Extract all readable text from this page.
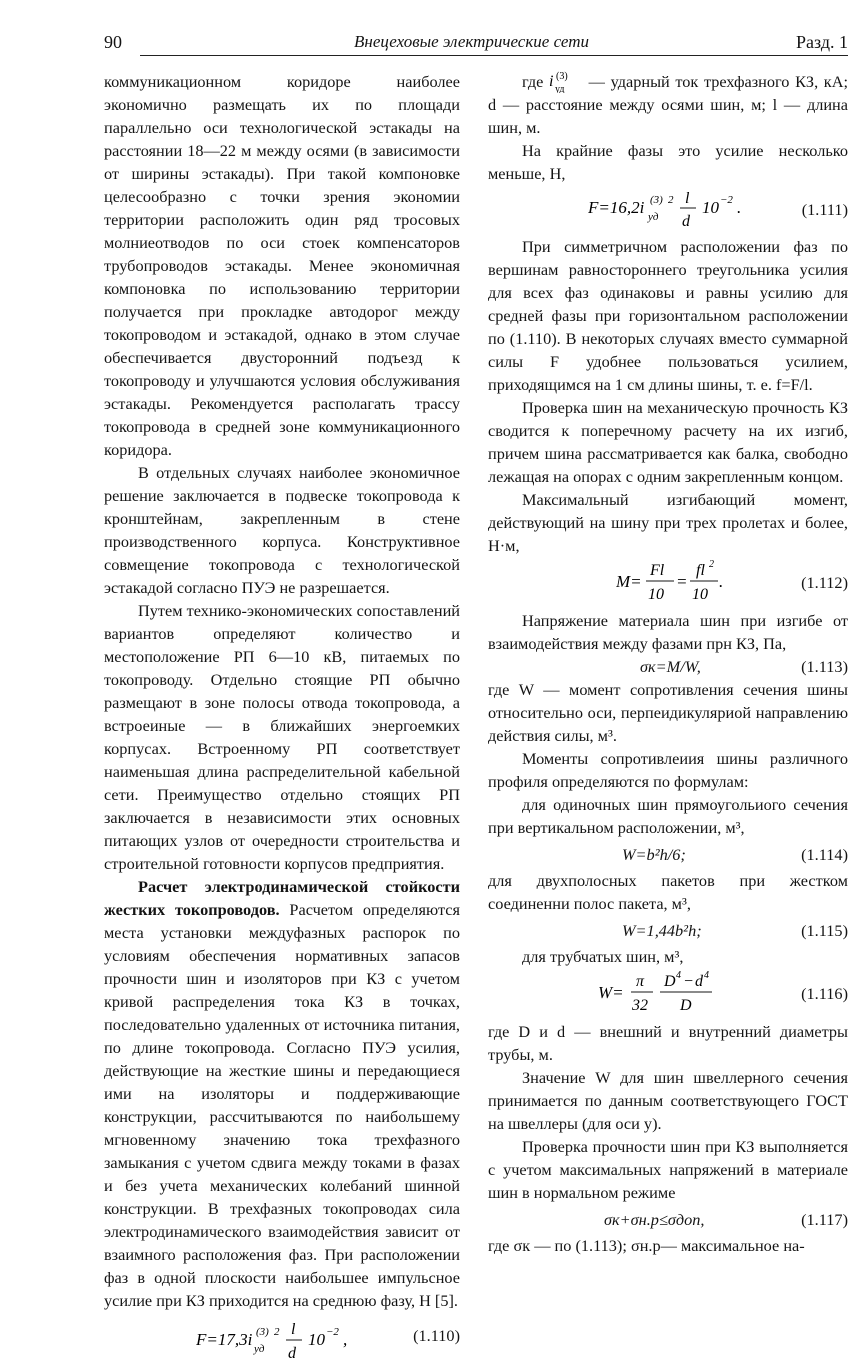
90	Внецеховые электрические сети	Разд. 1

коммуникационном коридоре наиболее экономично размещать их по площади параллельно оси технологической эстакады на расстоянии 18—22 м между осями (в зависимости от ширины эстакады). При такой компоновке целесообразно с точки зрения экономии территории расположить один ряд тросовых молниеотводов по оси стоек компенсаторов трубопроводов эстакады. Менее экономичная компоновка по использованию территории получается при прокладке автодорог между токопроводом и эстакадой, однако в этом случае обеспечивается двусторонний подъезд к токопроводу и улучшаются условия обслуживания эстакады. Рекомендуется располагать трассу токопровода в средней зоне коммуникационного коридора.

В отдельных случаях наиболее экономичное решение заключается в подвеске токопровода к кронштейнам, закрепленным в стене производственного корпуса. Конструктивное совмещение токопровода с технологической эстакадой согласно ПУЭ не разрешается.

Путем технико-экономических сопоставлений вариантов определяют количество и местоположение РП 6—10 кВ, питаемых по токопроводу. Отдельно стоящие РП обычно размещают в зоне полосы отвода токопровода, а встроеиные — в ближайших энергоемких корпусах. Встроенному РП соответствует наименьшая длина распределительной кабельной сети. Преимущество отдельно стоящих РП заключается в независимости этих основных питающих узлов от очередности строительства и строительной готовности корпусов предприятия.

Расчет электродинамической стойкости жестких токопроводов. Расчетом определяются места установки междуфазных распорок по условиям обеспечения нормативных запасов прочности шин и изоляторов при КЗ с учетом кривой распределения тока КЗ в точках, последовательно удаленных от источника питания, по длине токопровода. Согласно ПУЭ усилия, действующие на жесткие шины и передающиеся ими на изоляторы и поддерживающие конструкции, рассчитываются по наибольшему мгновенному значению тока трехфазного замыкания с учетом сдвига между токами в фазах и без учета механических колебаний шинной конструкции. В трехфазных токопроводах сила электродинамического взаимодействия зависит от взаимного расположения фаз. При расположении фаз в одной плоскости наибольшее импульсное усилие при КЗ приходится на среднюю фазу, Н [5].

F=17,3i (3)
уд
2 l
d
10 −2 ,	(1.110)

где i (3)
уд — ударный ток трехфазного КЗ, кА; d — расстояние между осями шин, м; l — длина шин, м.

На крайние фазы это усилие несколько меньше, Н,

F=16,2i (3)
уд
2 l
d
10 −2 .	(1.111)

При симметричном расположении фаз по вершинам равностороннего треугольника усилия для всех фаз одинаковы и равны усилию для средней фазы при горизонтальном расположении по (1.110). В некоторых случаях вместо суммарной силы F удобнее пользоваться усилием, приходящимся на 1 см длины шины, т. е. f=F/l.

Проверка шин на механическую прочность КЗ сводится к поперечному расчету на их изгиб, причем шина рассматривается как балка, свободно лежащая на опорах с одним закрепленным концом.

Максимальный изгибающий момент, действующий на шину при трех пролетах и более, Н·м,

M=
Fl
10
=
fl 2
10
.	(1.112)

Напряжение материала шин при изгибе от взаимодействия между фазами прн КЗ, Па,

σк=M/W,	(1.113)

где W — момент сопротивления сечения шины относительно оси, перпеидикуляриой направлению действия силы, м³.

Моменты сопротивлеиия шины различного профиля определяются по формулам:

для одиночных шин прямоугольиого сечения при вертикальном расположении, м³,

W=b²h/6;	(1.114)

для двухполосных пакетов при жестком соединенни полос пакета, м³,

W=1,44b²h;	(1.115)

для трубчатых шин, м³,

W=
π
32
D 4 − d 4
D
(1.116)

где D и d — внешний и внутренний диаметры трубы, м.

Значение W для шин швеллерного сечения принимается по данным соответствующего ГОСТ на швеллеры (для оси y).

Проверка прочности шин при КЗ выполняется с учетом максимальных напряжений в материале шин в нормальном режиме

σк+σн.р≤σдоп,	(1.117)

где σк — по (1.113); σн.р— максимальное на-
